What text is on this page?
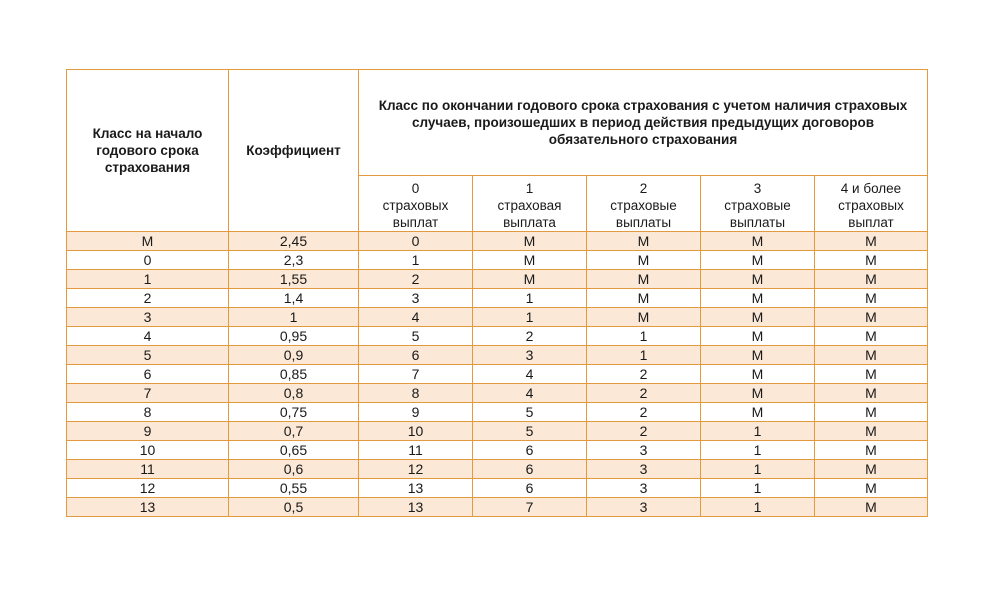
Класс на начало годового срока страхования	Коэффициент	Класс по окончании годового срока страхования с учетом наличия страховых случаев, произошедших в период действия предыдущих договоров обязательного страхования				

		0
страховых
выплат	1
страховая
выплата	2
страховые
выплаты	3
страховые
выплаты	4 и более
страховых
выплат

М	2,45	0	М	М	М	М
0	2,3	1	М	М	М	М
1	1,55	2	М	М	М	М
2	1,4	3	1	М	М	М
3	1	4	1	М	М	М
4	0,95	5	2	1	М	М
5	0,9	6	3	1	М	М
6	0,85	7	4	2	М	М
7	0,8	8	4	2	М	М
8	0,75	9	5	2	М	М
9	0,7	10	5	2	1	М
10	0,65	11	6	3	1	М
11	0,6	12	6	3	1	М
12	0,55	13	6	3	1	М
13	0,5	13	7	3	1	М
